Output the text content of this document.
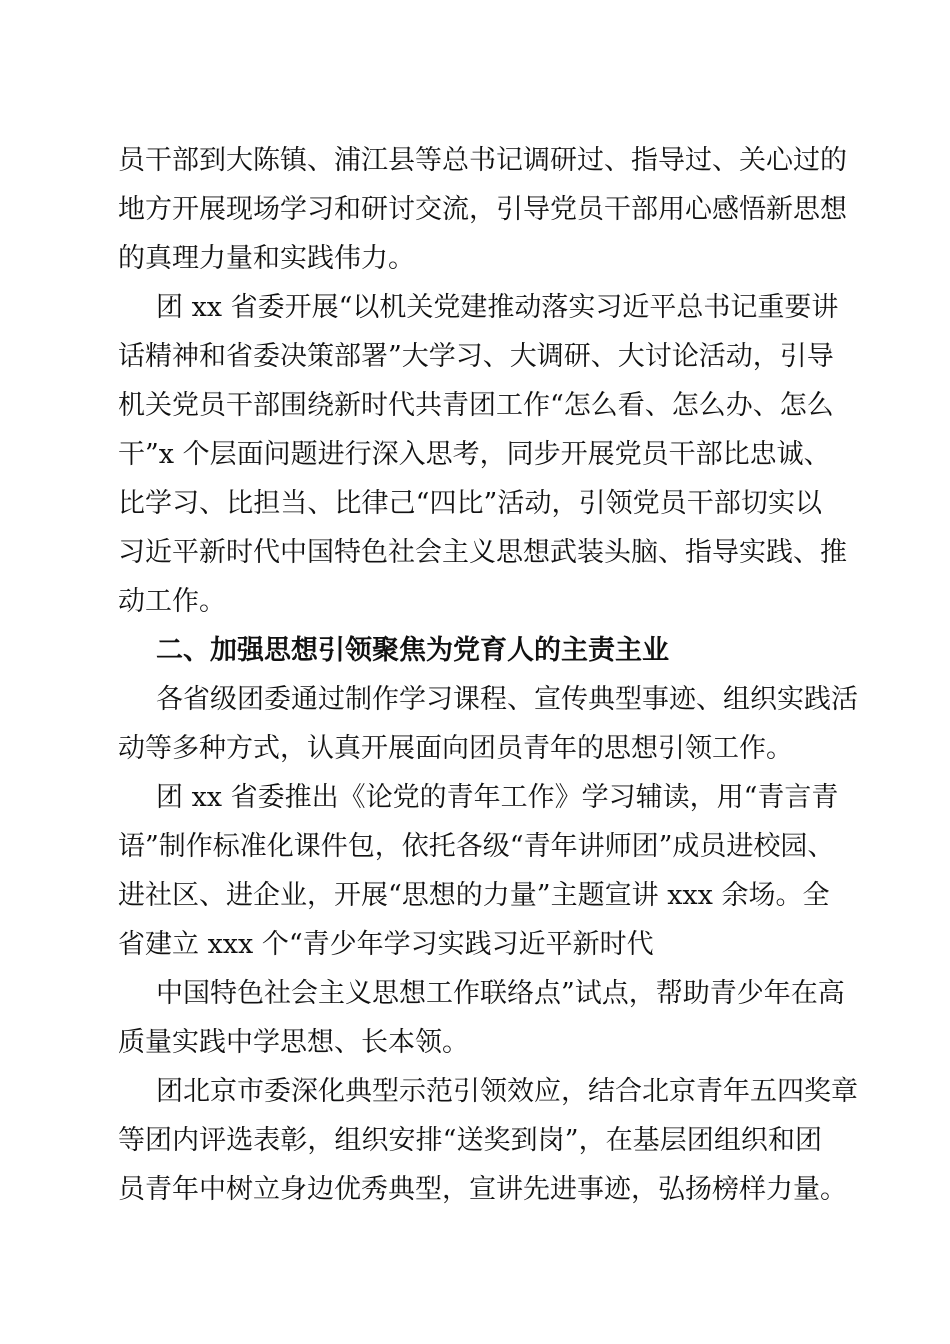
员干部到大陈镇、浦江县等总书记调研过、指导过、关心过的
地方开展现场学习和研讨交流，引导党员干部用心感悟新思想
的真理力量和实践伟力。
团 xx 省委开展“以机关党建推动落实习近平总书记重要讲
话精神和省委决策部署”大学习、大调研、大讨论活动，引导
机关党员干部围绕新时代共青团工作“怎么看、怎么办、怎么
干”x 个层面问题进行深入思考，同步开展党员干部比忠诚、
比学习、比担当、比律己“四比”活动，引领党员干部切实以
习近平新时代中国特色社会主义思想武装头脑、指导实践、推
动工作。
二、加强思想引领聚焦为党育人的主责主业
各省级团委通过制作学习课程、宣传典型事迹、组织实践活
动等多种方式，认真开展面向团员青年的思想引领工作。
团 xx 省委推出《论党的青年工作》学习辅读，用“青言青
语”制作标准化课件包，依托各级“青年讲师团”成员进校园、
进社区、进企业，开展“思想的力量”主题宣讲 xxx 余场。全
省建立 xxx 个“青少年学习实践习近平新时代
中国特色社会主义思想工作联络点”试点，帮助青少年在高
质量实践中学思想、长本领。
团北京市委深化典型示范引领效应，结合北京青年五四奖章
等团内评选表彰，组织安排“送奖到岗”，在基层团组织和团
员青年中树立身边优秀典型，宣讲先进事迹，弘扬榜样力量。
